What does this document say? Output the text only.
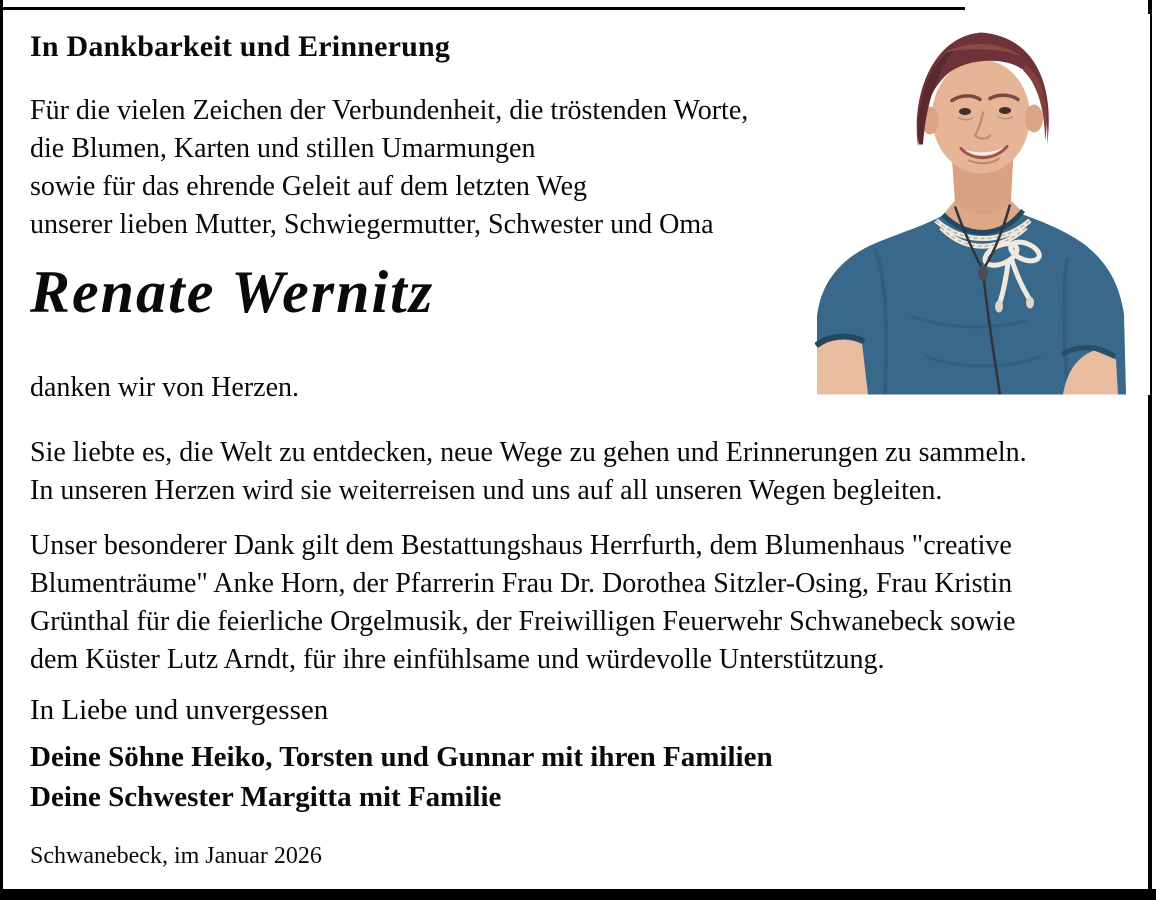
In Dankbarkeit und Erinnerung
Für die vielen Zeichen der Verbundenheit, die tröstenden Worte,
die Blumen, Karten und stillen Umarmungen
sowie für das ehrende Geleit auf dem letzten Weg
unserer lieben Mutter, Schwiegermutter, Schwester und Oma
Renate Wernitz
danken wir von Herzen.
Sie liebte es, die Welt zu entdecken, neue Wege zu gehen und Erinnerungen zu sammeln.
In unseren Herzen wird sie weiterreisen und uns auf all unseren Wegen begleiten.
Unser besonderer Dank gilt dem Bestattungshaus Herrfurth, dem Blumenhaus "creative
Blumenträume" Anke Horn, der Pfarrerin Frau Dr. Dorothea Sitzler-Osing, Frau Kristin
Grünthal für die feierliche Orgelmusik, der Freiwilligen Feuerwehr Schwanebeck sowie
dem Küster Lutz Arndt, für ihre einfühlsame und würdevolle Unterstützung.
In Liebe und unvergessen
Deine Söhne Heiko, Torsten und Gunnar mit ihren Familien
Deine Schwester Margitta mit Familie
Schwanebeck, im Januar 2026
